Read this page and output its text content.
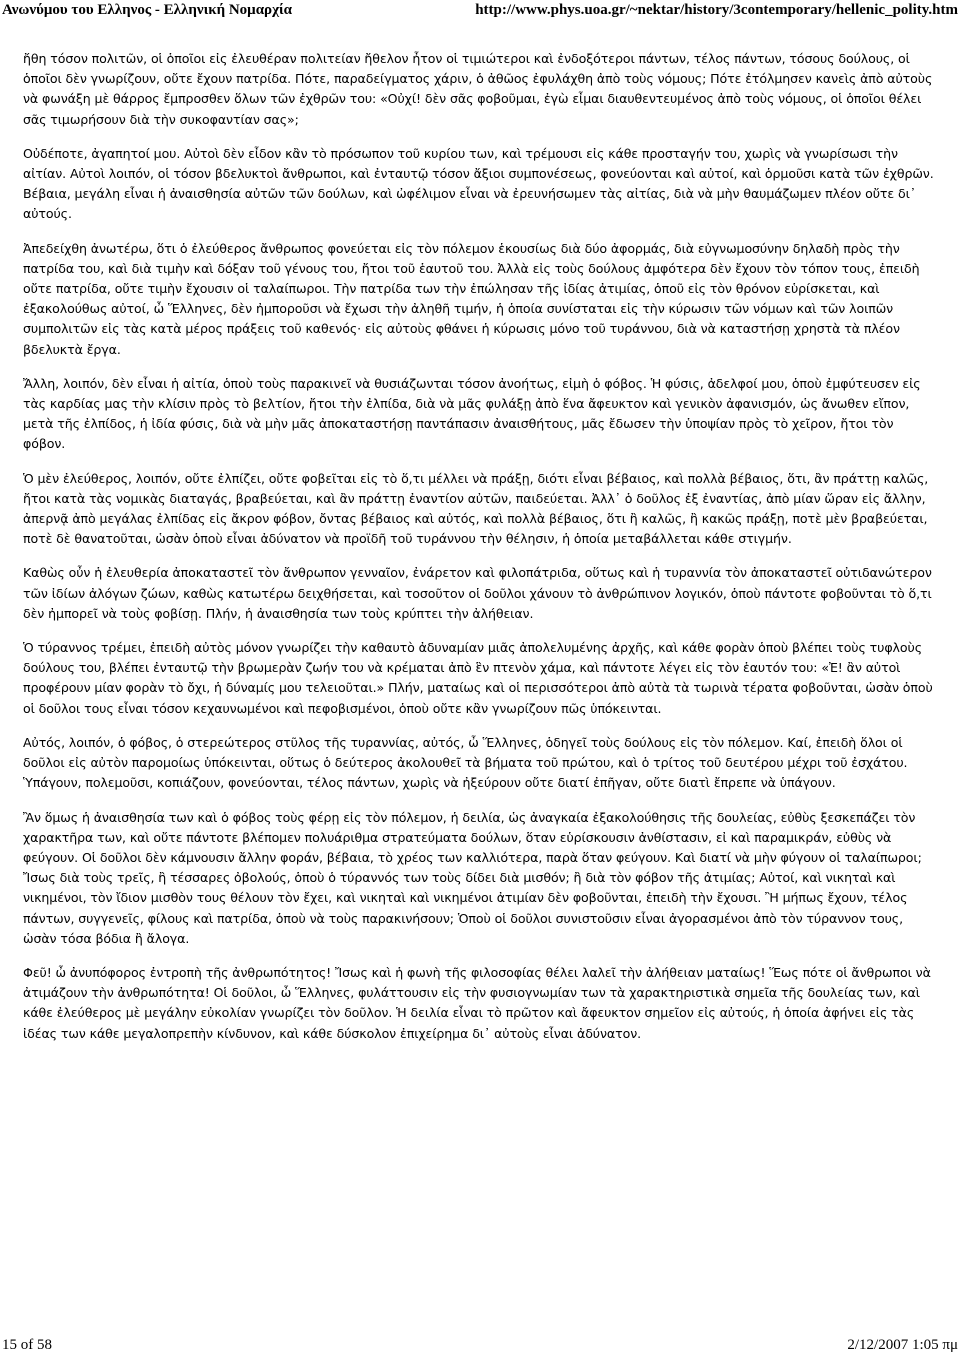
Ανωνύμου του Ελληνος - Ελληνική Νομαρχία	http://www.phys.uoa.gr/~nektar/history/3contemporary/hellenic_polity.htm

ἤθη τόσον πολιτῶν, οἱ ὁποῖοι εἰς ἐλευθέραν πολιτείαν ἤθελον ἦτον οἱ τιμιώτεροι καὶ ἐνδοξότεροι πάντων, τέλος πάντων, τόσους δούλους, οἱ ὁποῖοι δὲν γνωρίζουν, οὔτε ἔχουν πατρίδα. Πότε, παραδείγματος χάριν, ὁ ἀθῶος ἐφυλάχθη ἀπὸ τοὺς νόμους; Πότε ἐτόλμησεν κανεὶς ἀπὸ αὐτοὺς νὰ φωνάξη μὲ θάρρος ἔμπροσθεν ὅλων τῶν ἐχθρῶν του: «Οὐχί! δὲν σᾶς φοβοῦμαι, ἐγὼ εἶμαι διαυθεντευμένος ἀπὸ τοὺς νόμους, οἱ ὁποῖοι θέλει σᾶς τιμωρήσουν διὰ τὴν συκοφαντίαν σας»;

Οὐδέποτε, ἀγαπητοί μου. Αὐτοὶ δὲν εἶδον κἂν τὸ πρόσωπον τοῦ κυρίου των, καὶ τρέμουσι εἰς κάθε προσταγήν του, χωρὶς νὰ γνωρίσωσι τὴν αἰτίαν. Αὐτοὶ λοιπόν, οἱ τόσον βδελυκτοὶ ἄνθρωποι, καὶ ἐνταυτῷ τόσον ἄξιοι συμπονέσεως, φονεύονται καὶ αὐτοί, καὶ ὁρμοῦσι κατὰ τῶν ἐχθρῶν. Βέβαια, μεγάλη εἶναι ἡ ἀναισθησία αὐτῶν τῶν δούλων, καὶ ὠφέλιμον εἶναι νὰ ἐρευνήσωμεν τὰς αἰτίας, διὰ νὰ μὴν θαυμάζωμεν πλέον οὔτε δι᾿ αὐτούς.

Ἀπεδείχθη ἀνωτέρω, ὅτι ὁ ἐλεύθερος ἄνθρωπος φονεύεται εἰς τὸν πόλεμον ἑκουσίως διὰ δύο ἀφορμάς, διὰ εὐγνωμοσύνην δηλαδὴ πρὸς τὴν πατρίδα του, καὶ διὰ τιμὴν καὶ δόξαν τοῦ γένους του, ἤτοι τοῦ ἑαυτοῦ του. Ἀλλὰ εἰς τοὺς δούλους ἀμφότερα δὲν ἔχουν τὸν τόπον τους, ἐπειδὴ οὔτε πατρίδα, οὔτε τιμὴν ἔχουσιν οἱ ταλαίπωροι. Τὴν πατρίδα των τὴν ἐπώλησαν τῆς ἰδίας ἀτιμίας, ὁποῦ εἰς τὸν θρόνον εὑρίσκεται, καὶ ἐξακολούθως αὐτοί, ὦ Ἕλληνες, δὲν ἠμποροῦσι νὰ ἔχωσι τὴν ἀληθῆ τιμήν, ἡ ὁποία συνίσταται εἰς τὴν κύρωσιν τῶν νόμων καὶ τῶν λοιπῶν συμπολιτῶν εἰς τὰς κατὰ μέρος πράξεις τοῦ καθενός· εἰς αὐτοὺς φθάνει ἡ κύρωσις μόνο τοῦ τυράννου, διὰ νὰ καταστήσῃ χρηστὰ τὰ πλέον βδελυκτὰ ἔργα.

Ἄλλη, λοιπόν, δὲν εἶναι ἡ αἰτία, ὁποὺ τοὺς παρακινεῖ νὰ θυσιάζωνται τόσον ἀνοήτως, εἰμὴ ὁ φόβος. Ἡ φύσις, ἀδελφοί μου, ὁποὺ ἐμφύτευσεν εἰς τὰς καρδίας μας τὴν κλίσιν πρὸς τὸ βελτίον, ἤτοι τὴν ἐλπίδα, διὰ νὰ μᾶς φυλάξῃ ἀπὸ ἕνα ἄφευκτον καὶ γενικὸν ἀφανισμόν, ὡς ἄνωθεν εἴπον, μετὰ τῆς ἐλπίδος, ἡ ἰδία φύσις, διὰ νὰ μὴν μᾶς ἀποκαταστήσῃ παντάπασιν ἀναισθήτους, μᾶς ἔδωσεν τὴν ὑποψίαν πρὸς τὸ χεῖρον, ἤτοι τὸν φόβον.

Ὁ μὲν ἐλεύθερος, λοιπόν, οὔτε ἐλπίζει, οὔτε φοβεῖται εἰς τὸ ὅ,τι μέλλει νὰ πράξῃ, διότι εἶναι βέβαιος, καὶ πολλὰ βέβαιος, ὅτι, ἂν πράττῃ καλῶς, ἤτοι κατὰ τὰς νομικὰς διαταγάς, βραβεύεται, καὶ ἂν πράττῃ ἐναντίον αὐτῶν, παιδεύεται. Ἀλλ᾿ ὁ δοῦλος ἐξ ἐναντίας, ἀπὸ μίαν ὥραν εἰς ἄλλην, ἀπερνᾷ ἀπὸ μεγάλας ἐλπίδας εἰς ἄκρον φόβον, ὄντας βέβαιος καὶ αὐτός, καὶ πολλὰ βέβαιος, ὅτι ἢ καλῶς, ἢ κακῶς πράξῃ, ποτὲ μὲν βραβεύεται, ποτὲ δὲ θανατοῦται, ὡσὰν ὁποὺ εἶναι ἀδύνατον νὰ προϊδῆ τοῦ τυράννου τὴν θέλησιν, ἡ ὁποία μεταβάλλεται κάθε στιγμήν.

Καθὼς οὖν ἡ ἐλευθερία ἀποκαταστεῖ τὸν ἄνθρωπον γενναῖον, ἐνάρετον καὶ φιλοπάτριδα, οὕτως καὶ ἡ τυραννία τὸν ἀποκαταστεῖ οὐτιδανώτερον τῶν ἰδίων ἀλόγων ζώων, καθὼς κατωτέρω δειχθήσεται, καὶ τοσοῦτον οἱ δοῦλοι χάνουν τὸ ἀνθρώπινον λογικόν, ὁποὺ πάντοτε φοβοῦνται τὸ ὅ,τι δὲν ἠμπορεῖ νὰ τοὺς φοβίσῃ. Πλήν, ἡ ἀναισθησία των τοὺς κρύπτει τὴν ἀλήθειαν.

Ὁ τύραννος τρέμει, ἐπειδὴ αὐτὸς μόνον γνωρίζει τὴν καθαυτὸ ἀδυναμίαν μιᾶς ἀπολελυμένης ἀρχῆς, καὶ κάθε φορὰν ὁποὺ βλέπει τοὺς τυφλοὺς δούλους του, βλέπει ἐνταυτῷ τὴν βρωμερὰν ζωήν του νὰ κρέμαται ἀπὸ ἓν πτενὸν χάμα, καὶ πάντοτε λέγει εἰς τὸν ἑαυτόν του: «Ἐ! ἂν αὐτοὶ προφέρουν μίαν φορὰν τὸ ὄχι, ἡ δύναμίς μου τελειοῦται.» Πλήν, ματαίως καὶ οἱ περισσότεροι ἀπὸ αὐτὰ τὰ τωρινὰ τέρατα φοβοῦνται, ὡσὰν ὁποὺ οἱ δοῦλοι τους εἶναι τόσον κεχαυνωμένοι καὶ πεφοβισμένοι, ὁποὺ οὔτε κἂν γνωρίζουν πῶς ὑπόκεινται.

Αὐτός, λοιπόν, ὁ φόβος, ὁ στερεώτερος στῦλος τῆς τυραννίας, αὐτός, ὦ Ἕλληνες, ὁδηγεῖ τοὺς δούλους εἰς τὸν πόλεμον. Καί, ἐπειδὴ ὅλοι οἱ δοῦλοι εἰς αὐτὸν παρομοίως ὑπόκεινται, οὕτως ὁ δεύτερος ἀκολουθεῖ τὰ βήματα τοῦ πρώτου, καὶ ὁ τρίτος τοῦ δευτέρου μέχρι τοῦ ἐσχάτου. Ὑπάγουν, πολεμοῦσι, κοπιάζουν, φονεύονται, τέλος πάντων, χωρὶς νὰ ἠξεύρουν οὔτε διατί ἐπῆγαν, οὔτε διατὶ ἔπρεπε νὰ ὑπάγουν.

Ἂν ὅμως ἡ ἀναισθησία των καὶ ὁ φόβος τοὺς φέρῃ εἰς τὸν πόλεμον, ἡ δειλία, ὡς ἀναγκαία ἐξακολούθησις τῆς δουλείας, εὐθὺς ξεσκεπάζει τὸν χαρακτῆρα των, καὶ οὔτε πάντοτε βλέπομεν πολυάριθμα στρατεύματα δούλων, ὅταν εὑρίσκουσιν ἀνθίστασιν, εἰ καὶ παραμικράν, εὐθὺς νὰ φεύγουν. Οἱ δοῦλοι δὲν κάμνουσιν ἄλλην φοράν, βέβαια, τὸ χρέος των καλλιότερα, παρὰ ὅταν φεύγουν. Καὶ διατί νὰ μὴν φύγουν οἱ ταλαίπωροι; Ἴσως διὰ τοὺς τρεῖς, ἢ τέσσαρες ὀβολούς, ὁποὺ ὁ τύραννός των τοὺς δίδει διὰ μισθόν; ἢ διὰ τὸν φόβον τῆς ἀτιμίας; Αὐτοί, καὶ νικηταὶ καὶ νικημένοι, τὸν ἴδιον μισθὸν τους θέλουν τὸν ἔχει, καὶ νικηταὶ καὶ νικημένοι ἀτιμίαν δὲν φοβοῦνται, ἐπειδὴ τὴν ἔχουσι. Ἢ μήπως ἔχουν, τέλος πάντων, συγγενεῖς, φίλους καὶ πατρίδα, ὁποὺ νὰ τοὺς παρακινήσουν; Ὁποὺ οἱ δοῦλοι συνιστοῦσιν εἶναι ἀγορασμένοι ἀπὸ τὸν τύραννον τους, ὡσὰν τόσα βόδια ἢ ἄλογα.

Φεῦ! ὦ ἀνυπόφορος ἐντροπὴ τῆς ἀνθρωπότητος! Ἴσως καὶ ἡ φωνὴ τῆς φιλοσοφίας θέλει λαλεῖ τὴν ἀλήθειαν ματαίως! Ἕως πότε οἱ ἄνθρωποι νὰ ἀτιμάζουν τὴν ἀνθρωπότητα! Οἱ δοῦλοι, ὦ Ἕλληνες, φυλάττουσιν εἰς τὴν φυσιογνωμίαν των τὰ χαρακτηριστικὰ σημεῖα τῆς δουλείας των, καὶ κάθε ἐλεύθερος μὲ μεγάλην εὐκολίαν γνωρίζει τὸν δοῦλον. Ἡ δειλία εἶναι τὸ πρῶτον καὶ ἄφευκτον σημεῖον εἰς αὐτούς, ἡ ὁποία ἀφήνει εἰς τὰς ἰδέας των κάθε μεγαλοπρεπὴν κίνδυνον, καὶ κάθε δύσκολον ἐπιχείρημα δι᾿ αὐτοὺς εἶναι ἀδύνατον.

15 of 58	2/12/2007 1:05 πμ
